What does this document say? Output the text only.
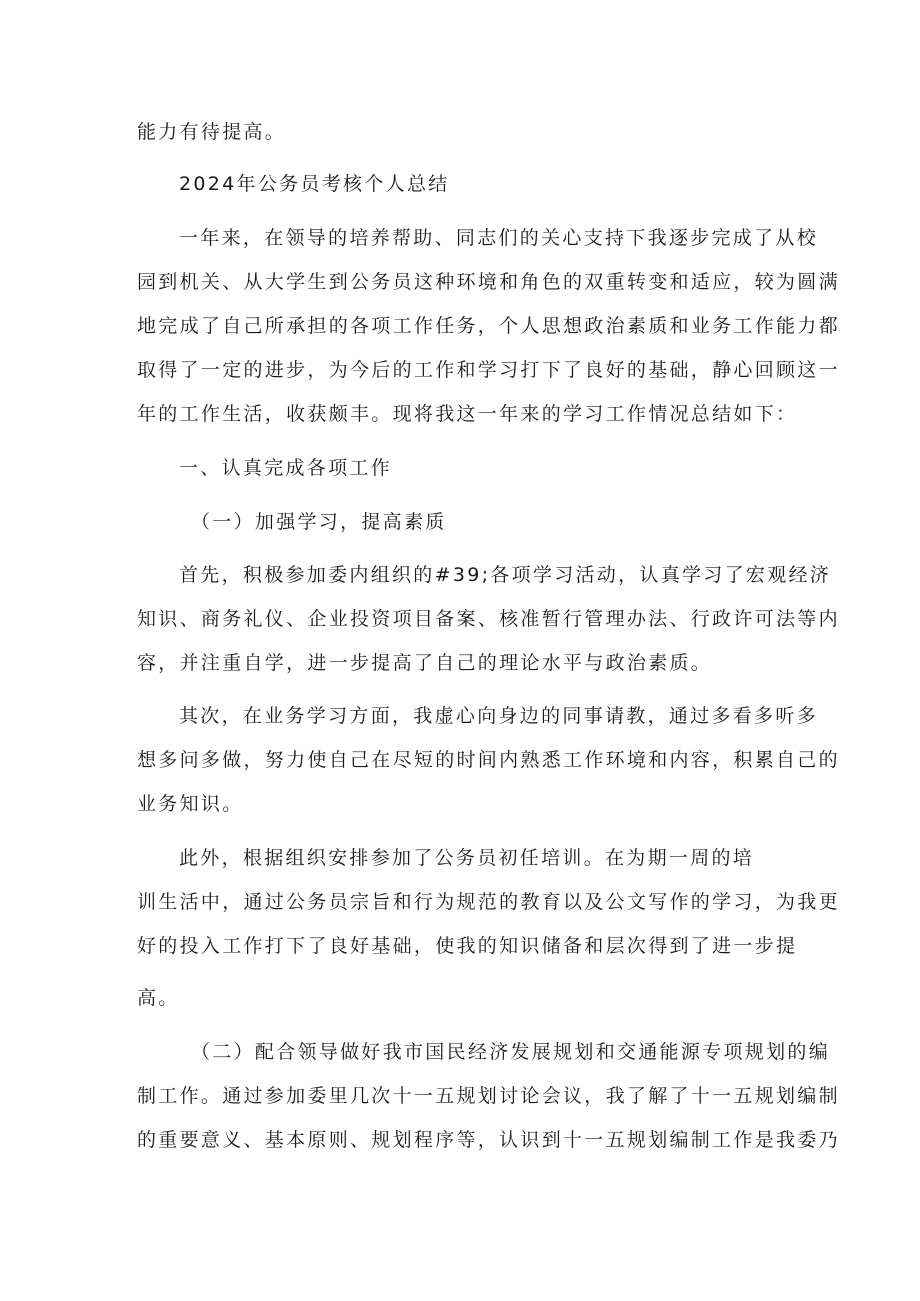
能力有待提高。
2024年公务员考核个人总结
一年来，在领导的培养帮助、同志们的关心支持下我逐步完成了从校
园到机关、从大学生到公务员这种环境和角色的双重转变和适应，较为圆满
地完成了自己所承担的各项工作任务，个人思想政治素质和业务工作能力都
取得了一定的进步，为今后的工作和学习打下了良好的基础，静心回顾这一
年的工作生活，收获颇丰。现将我这一年来的学习工作情况总结如下：
一、认真完成各项工作
（一）加强学习，提高素质
首先，积极参加委内组织的#39;各项学习活动，认真学习了宏观经济
知识、商务礼仪、企业投资项目备案、核准暂行管理办法、行政许可法等内
容，并注重自学，进一步提高了自己的理论水平与政治素质。
其次，在业务学习方面，我虚心向身边的同事请教，通过多看多听多
想多问多做，努力使自己在尽短的时间内熟悉工作环境和内容，积累自己的
业务知识。
此外，根据组织安排参加了公务员初任培训。在为期一周的培
训生活中，通过公务员宗旨和行为规范的教育以及公文写作的学习，为我更
好的投入工作打下了良好基础，使我的知识储备和层次得到了进一步提
高。
（二）配合领导做好我市国民经济发展规划和交通能源专项规划的编
制工作。通过参加委里几次十一五规划讨论会议，我了解了十一五规划编制
的重要意义、基本原则、规划程序等，认识到十一五规划编制工作是我委乃
